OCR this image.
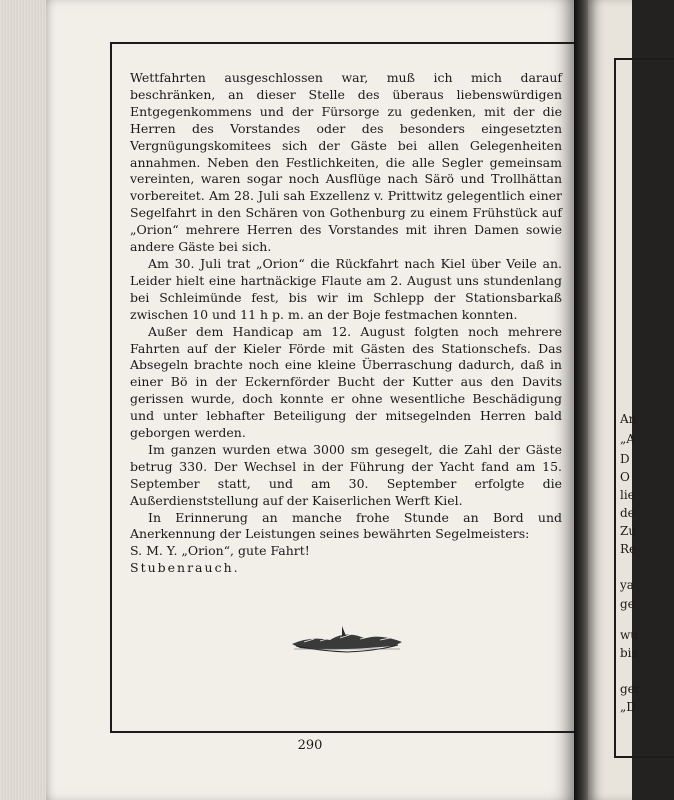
Wettfahrten ausgeschlossen war, muß ich mich darauf beschränken, an dieser Stelle des überaus liebenswürdigen Entgegenkommens und der Fürsorge zu gedenken, mit der die Herren des Vorstandes oder des besonders eingesetzten Vergnügungskomitees sich der Gäste bei allen Gelegenheiten annahmen. Neben den Festlichkeiten, die alle Segler gemeinsam vereinten, waren sogar noch Ausflüge nach Särö und Trollhättan vorbereitet. Am 28. Juli sah Exzellenz v. Prittwitz gelegentlich einer Segelfahrt in den Schären von Gothenburg zu einem Frühstück auf „Orion“ mehrere Herren des Vorstandes mit ihren Damen sowie andere Gäste bei sich.

Am 30. Juli trat „Orion“ die Rückfahrt nach Kiel über Veile an. Leider hielt eine hartnäckige Flaute am 2. August uns stundenlang bei Schleimünde fest, bis wir im Schlepp der Stationsbarkaß zwischen 10 und 11 h p. m. an der Boje festmachen konnten.

Außer dem Handicap am 12. August folgten noch mehrere Fahrten auf der Kieler Förde mit Gästen des Stationschefs. Das Absegeln brachte noch eine kleine Überraschung dadurch, daß in einer Bö in der Eckernförder Bucht der Kutter aus den Davits gerissen wurde, doch konnte er ohne wesentliche Beschädigung und unter lebhafter Beteiligung der mitsegelnden Herren bald geborgen werden.

Im ganzen wurden etwa 3000 sm gesegelt, die Zahl der Gäste betrug 330. Der Wechsel in der Führung der Yacht fand am 15. September statt, und am 30. September erfolgte die Außerdienststellung auf der Kaiserlichen Werft Kiel.

In Erinnerung an manche frohe Stunde an Bord und Anerkennung der Leistungen seines bewährten Segelmeisters:

S. M. Y. „Orion“, gute Fahrt!

Stubenrauch.

290
An
„A
D
O
lie
de
Zu
Re
ya
ge
wu
bis
ger
„D
